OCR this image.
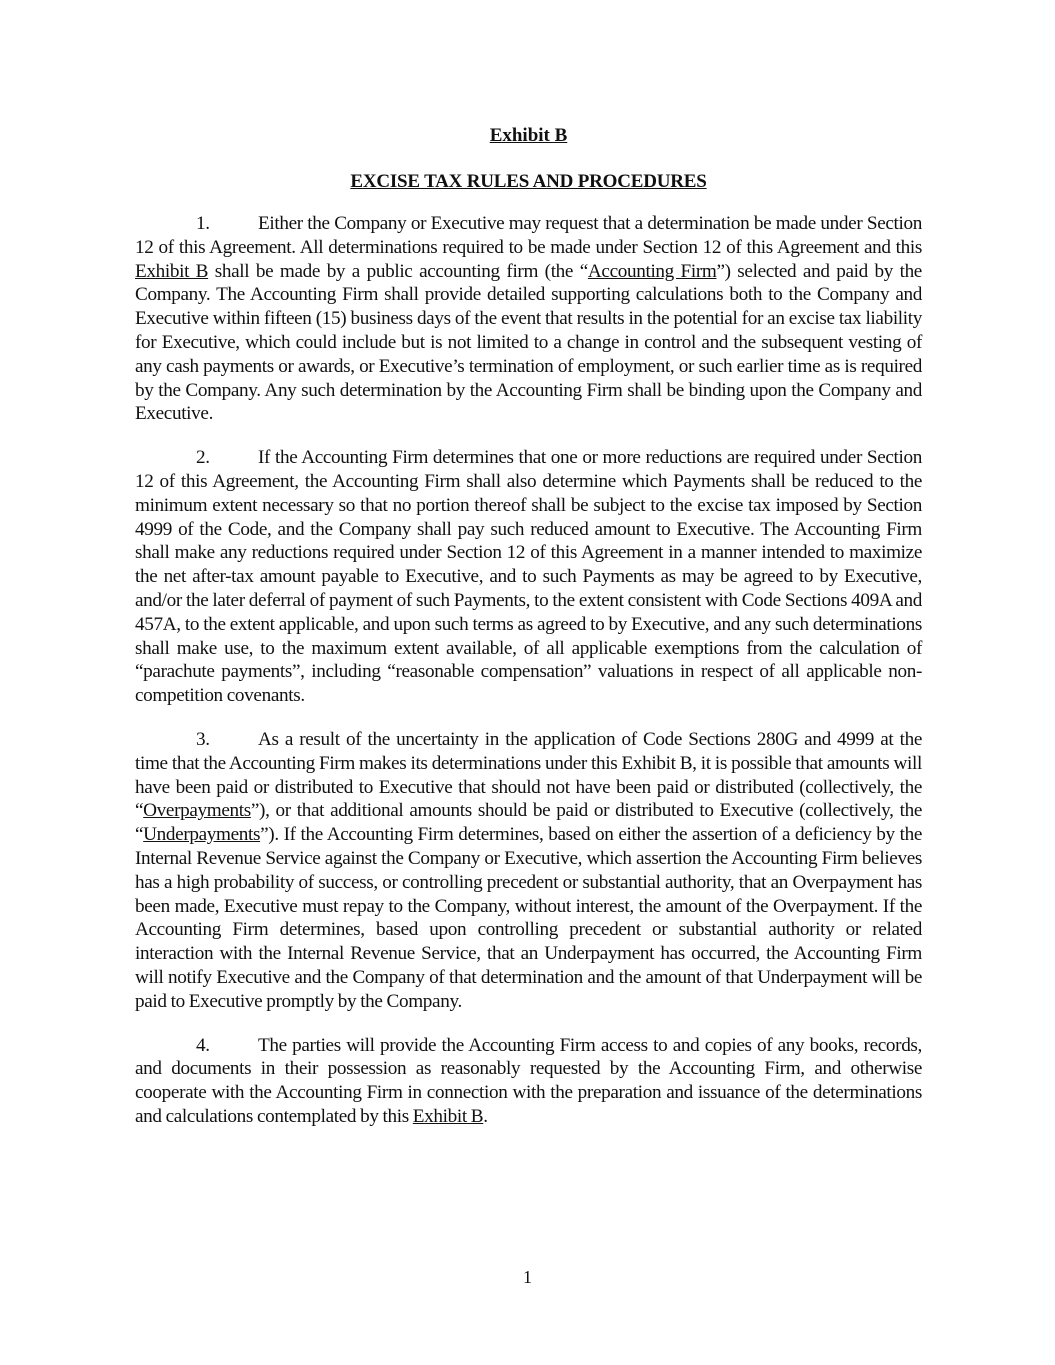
Exhibit B
EXCISE TAX RULES AND PROCEDURES

1.	Either the Company or Executive may request that a determination be made under Section 12 of this Agreement. All determinations required to be made under Section 12 of this Agreement and this Exhibit B shall be made by a public accounting firm (the “Accounting Firm”) selected and paid by the Company. The Accounting Firm shall provide detailed supporting calculations both to the Company and Executive within fifteen (15) business days of the event that results in the potential for an excise tax liability for Executive, which could include but is not limited to a change in control and the subsequent vesting of any cash payments or awards, or Executive’s termination of employment, or such earlier time as is required by the Company. Any such determination by the Accounting Firm shall be binding upon the Company and Executive.

2.	If the Accounting Firm determines that one or more reductions are required under Section 12 of this Agreement, the Accounting Firm shall also determine which Payments shall be reduced to the minimum extent necessary so that no portion thereof shall be subject to the excise tax imposed by Section 4999 of the Code, and the Company shall pay such reduced amount to Executive. The Accounting Firm shall make any reductions required under Section 12 of this Agreement in a manner intended to maximize the net after-tax amount payable to Executive, and to such Payments as may be agreed to by Executive, and/or the later deferral of payment of such Payments, to the extent consistent with Code Sections 409A and 457A, to the extent applicable, and upon such terms as agreed to by Executive, and any such determinations shall make use, to the maximum extent available, of all applicable exemptions from the calculation of “parachute payments”, including “reasonable compensation” valuations in respect of all applicable non-competition covenants.

3.	As a result of the uncertainty in the application of Code Sections 280G and 4999 at the time that the Accounting Firm makes its determinations under this Exhibit B, it is possible that amounts will have been paid or distributed to Executive that should not have been paid or distributed (collectively, the “Overpayments”), or that additional amounts should be paid or distributed to Executive (collectively, the “Underpayments”). If the Accounting Firm determines, based on either the assertion of a deficiency by the Internal Revenue Service against the Company or Executive, which assertion the Accounting Firm believes has a high probability of success, or controlling precedent or substantial authority, that an Overpayment has been made, Executive must repay to the Company, without interest, the amount of the Overpayment. If the Accounting Firm determines, based upon controlling precedent or substantial authority or related interaction with the Internal Revenue Service, that an Underpayment has occurred, the Accounting Firm will notify Executive and the Company of that determination and the amount of that Underpayment will be paid to Executive promptly by the Company.

4.	The parties will provide the Accounting Firm access to and copies of any books, records, and documents in their possession as reasonably requested by the Accounting Firm, and otherwise cooperate with the Accounting Firm in connection with the preparation and issuance of the determinations and calculations contemplated by this Exhibit B.

1
